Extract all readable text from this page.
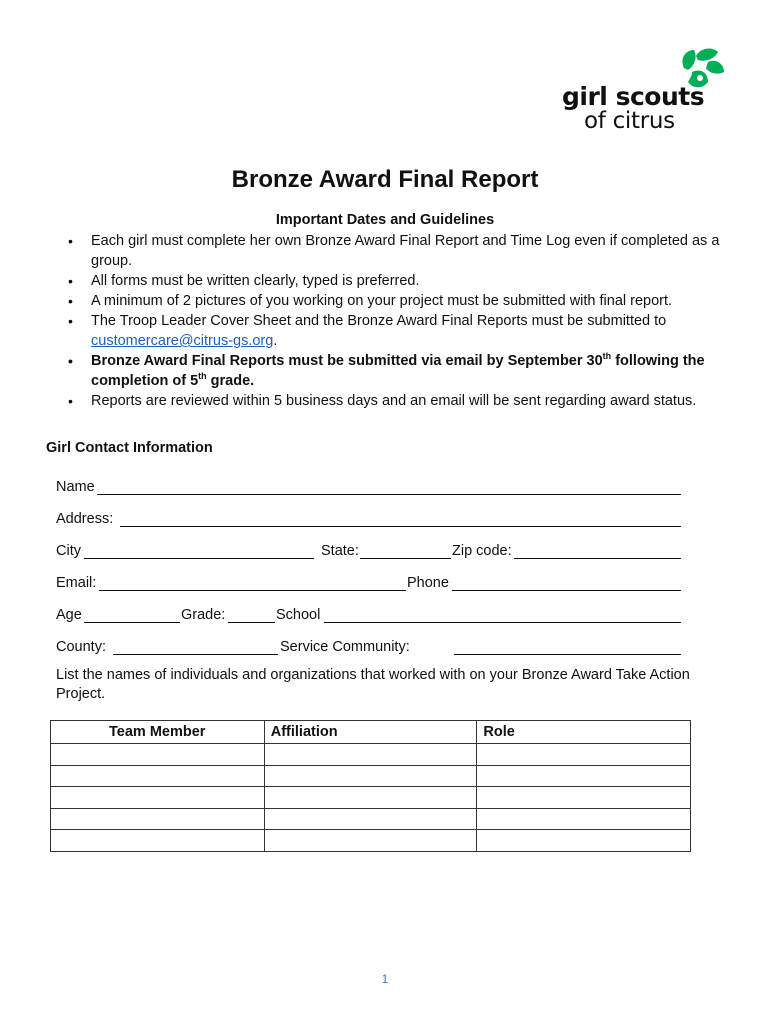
girl scouts
of citrus
Bronze Award Final Report
Important Dates and Guidelines
• Each girl must complete her own Bronze Award Final Report and Time Log even if completed as a group.
• All forms must be written clearly, typed is preferred.
• A minimum of 2 pictures of you working on your project must be submitted with final report.
• The Troop Leader Cover Sheet and the Bronze Award Final Reports must be submitted to customercare@citrus-gs.org.
• Bronze Award Final Reports must be submitted via email by September 30th following the completion of 5th grade.
• Reports are reviewed within 5 business days and an email will be sent regarding award status.
Girl Contact Information
Name
Address:
City	State:	Zip code:
Email:	Phone
Age	Grade:	School
County:	Service Community:
List the names of individuals and organizations that worked with on your Bronze Award Take Action Project.
Team Member	Affiliation	Role

1
